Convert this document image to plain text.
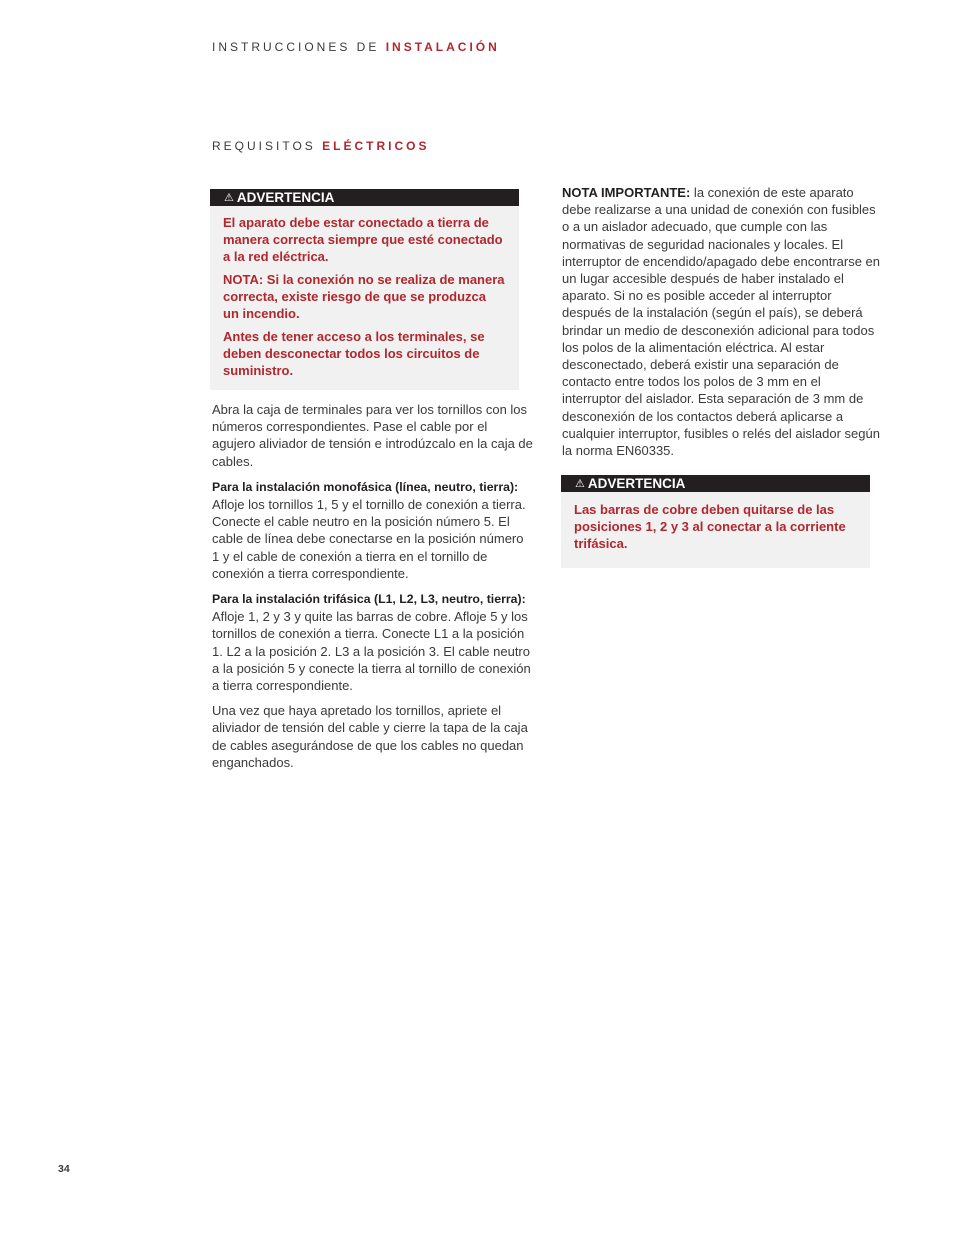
INSTRUCCIONES DE INSTALACIÓN
REQUISITOS ELÉCTRICOS
⚠ ADVERTENCIA

El aparato debe estar conectado a tierra de manera correcta siempre que esté conectado a la red eléctrica.

NOTA: Si la conexión no se realiza de manera correcta, existe riesgo de que se produzca un incendio.

Antes de tener acceso a los terminales, se deben desconectar todos los circuitos de suministro.

Abra la caja de terminales para ver los tornillos con los números correspondientes. Pase el cable por el agujero aliviador de tensión e introdúzcalo en la caja de cables.

Para la instalación monofásica (línea, neutro, tierra): Afloje los tornillos 1, 5 y el tornillo de conexión a tierra. Conecte el cable neutro en la posición número 5. El cable de línea debe conectarse en la posición número 1 y el cable de conexión a tierra en el tornillo de conexión a tierra correspondiente.

Para la instalación trifásica (L1, L2, L3, neutro, tierra): Afloje 1, 2 y 3 y quite las barras de cobre. Afloje 5 y los tornillos de conexión a tierra. Conecte L1 a la posición 1. L2 a la posición 2. L3 a la posición 3. El cable neutro a la posición 5 y conecte la tierra al tornillo de conexión a tierra correspondiente.

Una vez que haya apretado los tornillos, apriete el aliviador de tensión del cable y cierre la tapa de la caja de cables asegurándose de que los cables no quedan enganchados.

NOTA IMPORTANTE: la conexión de este aparato debe realizarse a una unidad de conexión con fusibles o a un aislador adecuado, que cumple con las normativas de seguridad nacionales y locales. El interruptor de encendido/apagado debe encontrarse en un lugar accesible después de haber instalado el aparato. Si no es posible acceder al interruptor después de la instalación (según el país), se deberá brindar un medio de desconexión adicional para todos los polos de la alimentación eléctrica. Al estar desconectado, deberá existir una separación de contacto entre todos los polos de 3 mm en el interruptor del aislador. Esta separación de 3 mm de desconexión de los contactos deberá aplicarse a cualquier interruptor, fusibles o relés del aislador según la norma EN60335.

⚠ ADVERTENCIA

Las barras de cobre deben quitarse de las posiciones 1, 2 y 3 al conectar a la corriente trifásica.

34
